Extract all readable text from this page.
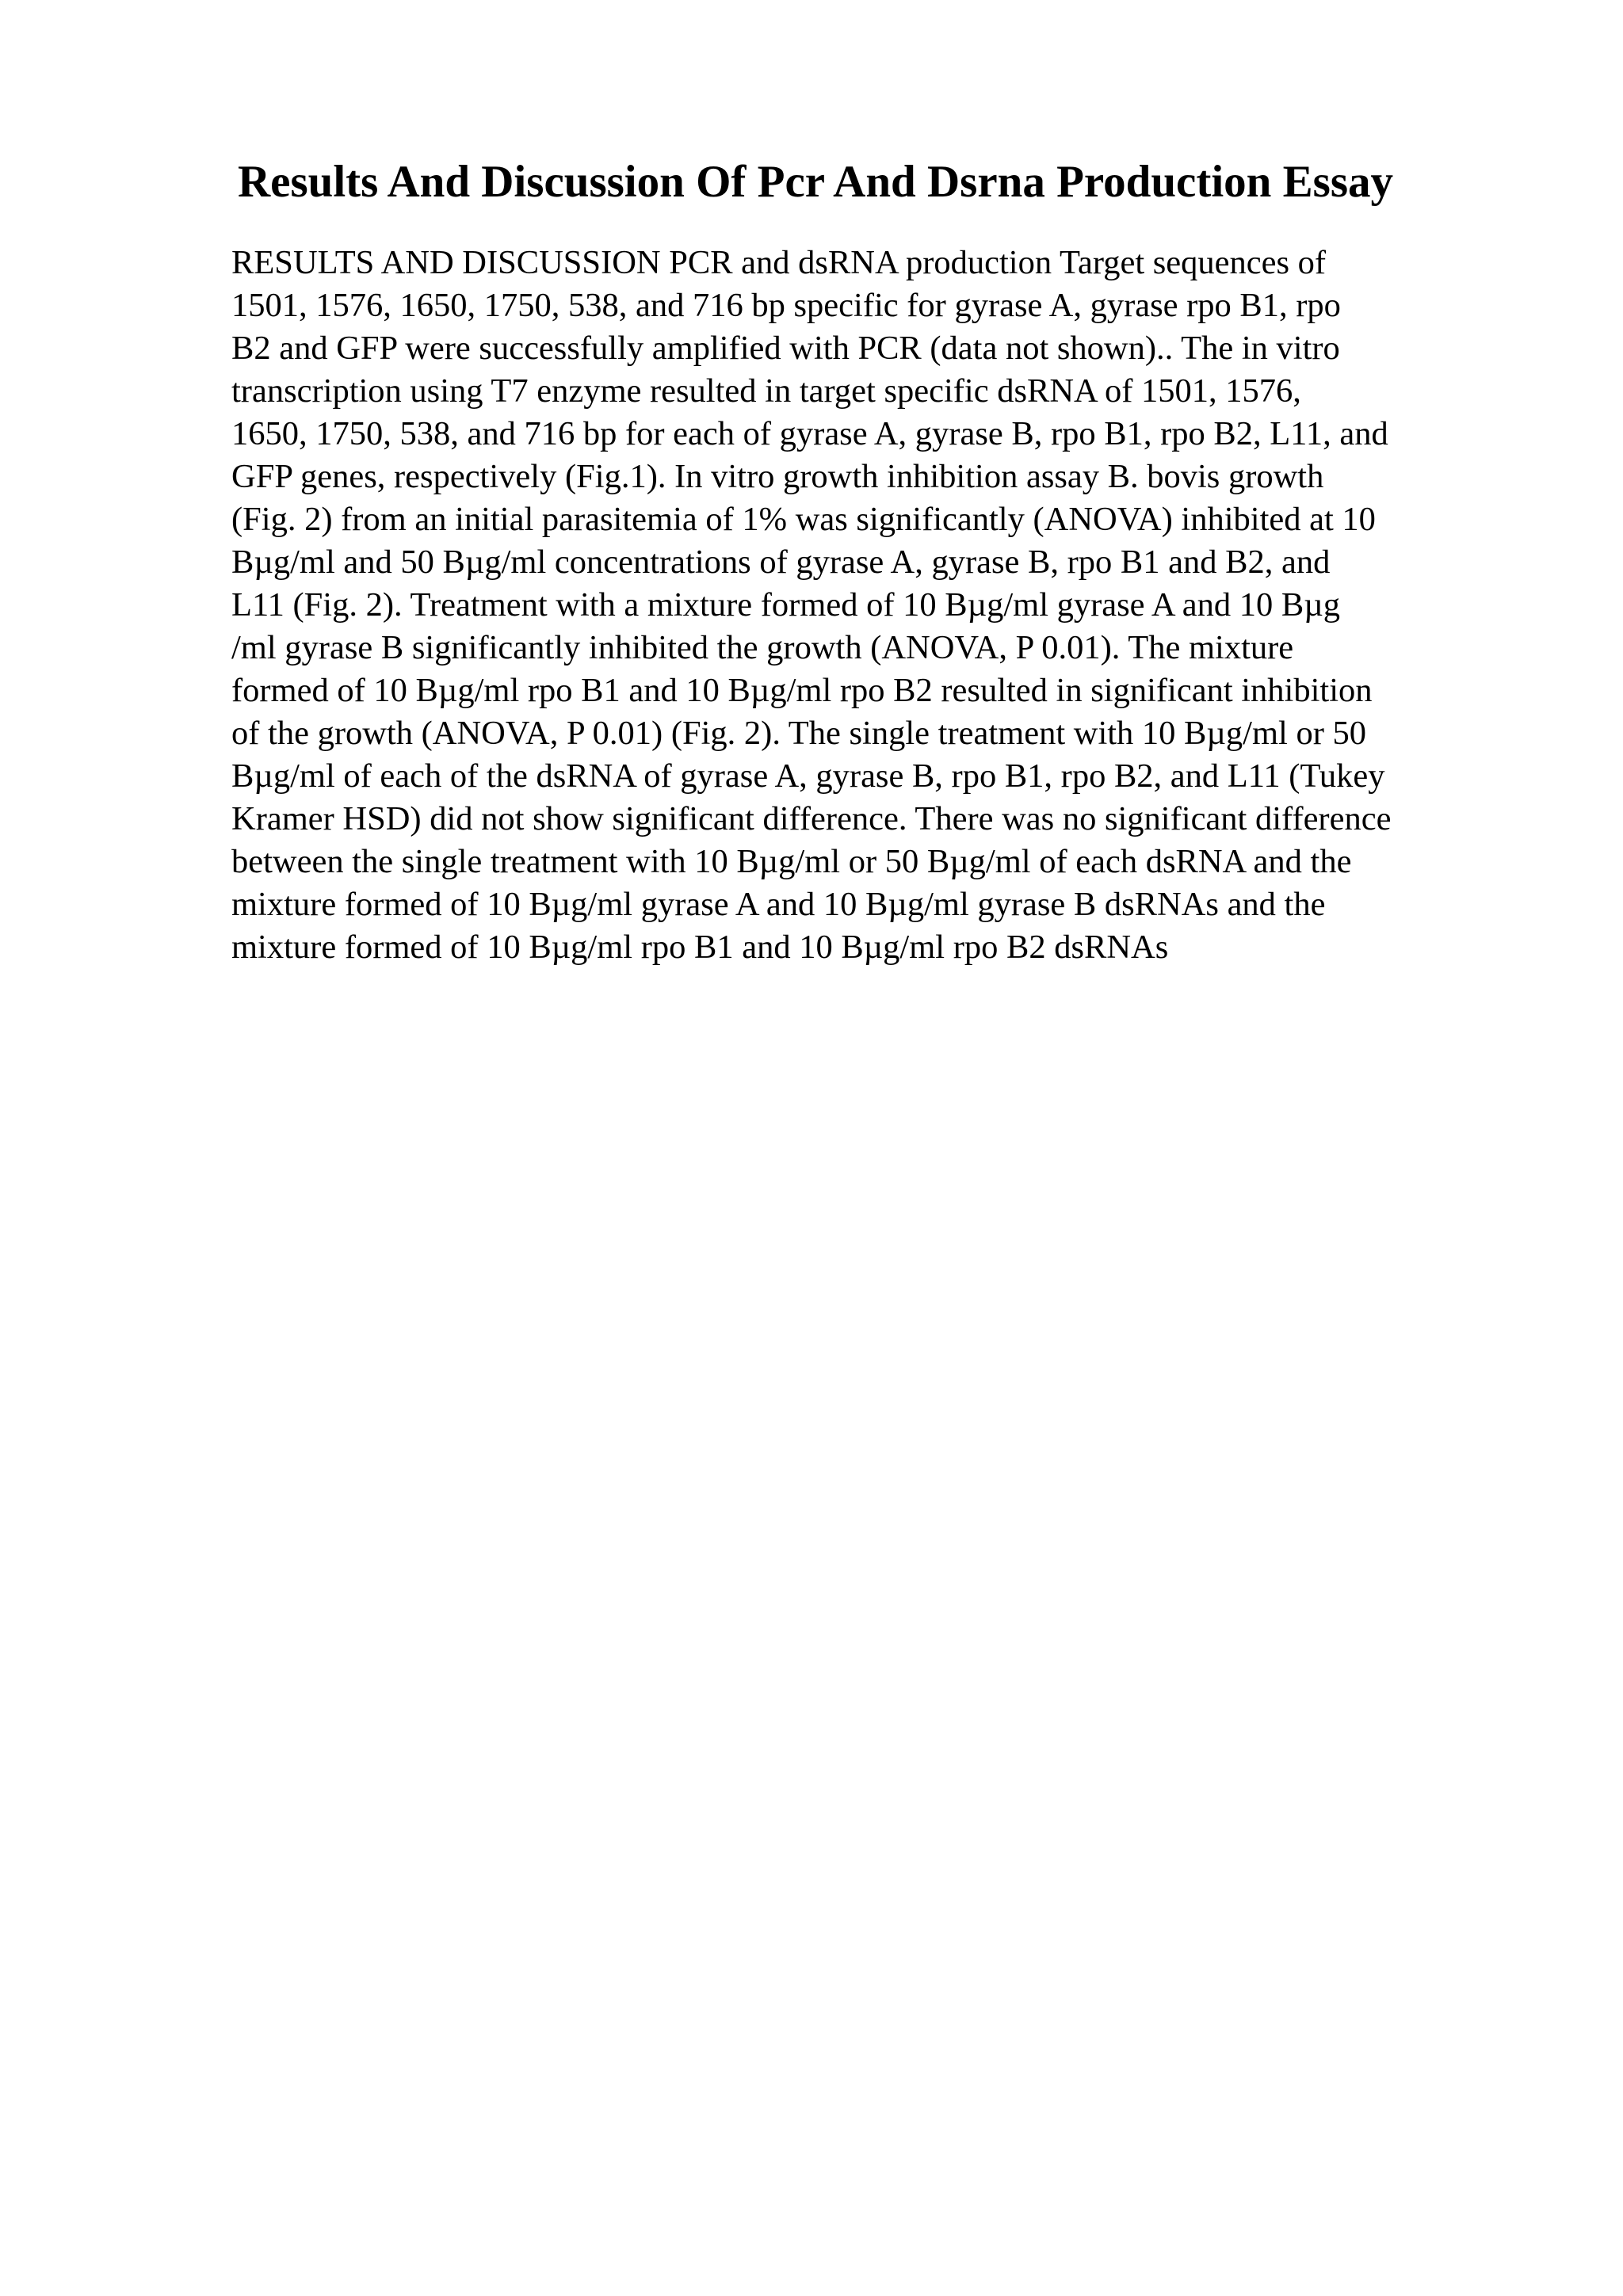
Results And Discussion Of Pcr And Dsrna Production Essay
RESULTS AND DISCUSSION PCR and dsRNA production Target sequences of
1501, 1576, 1650, 1750, 538, and 716 bp specific for gyrase A, gyrase rpo B1, rpo
B2 and GFP were successfully amplified with PCR (data not shown).. The in vitro
transcription using T7 enzyme resulted in target specific dsRNA of 1501, 1576,
1650, 1750, 538, and 716 bp for each of gyrase A, gyrase B, rpo B1, rpo B2, L11, and
GFP genes, respectively (Fig.1). In vitro growth inhibition assay B. bovis growth
(Fig. 2) from an initial parasitemia of 1% was significantly (ANOVA) inhibited at 10
Bµg/ml and 50 Bµg/ml concentrations of gyrase A, gyrase B, rpo B1 and B2, and
L11 (Fig. 2). Treatment with a mixture formed of 10 Bµg/ml gyrase A and 10 Bµg
/ml gyrase B significantly inhibited the growth (ANOVA, P 0.01). The mixture
formed of 10 Bµg/ml rpo B1 and 10 Bµg/ml rpo B2 resulted in significant inhibition
of the growth (ANOVA, P 0.01) (Fig. 2). The single treatment with 10 Bµg/ml or 50
Bµg/ml of each of the dsRNA of gyrase A, gyrase B, rpo B1, rpo B2, and L11 (Tukey
Kramer HSD) did not show significant difference. There was no significant difference
between the single treatment with 10 Bµg/ml or 50 Bµg/ml of each dsRNA and the
mixture formed of 10 Bµg/ml gyrase A and 10 Bµg/ml gyrase B dsRNAs and the
mixture formed of 10 Bµg/ml rpo B1 and 10 Bµg/ml rpo B2 dsRNAs
